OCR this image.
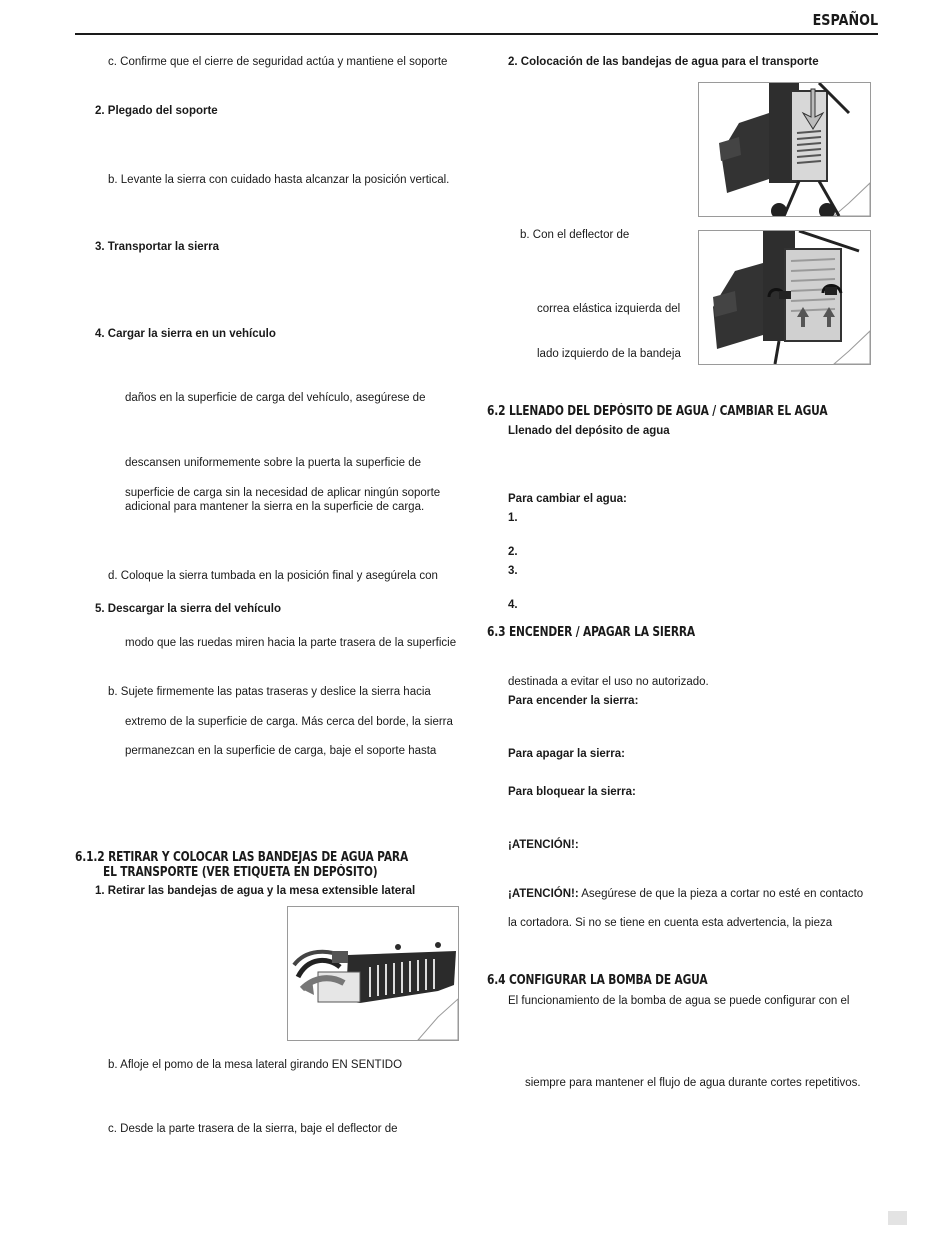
ESPAÑOL
c. Confirme que el cierre de seguridad actúa y mantiene el soporte
2. Plegado del soporte
b. Levante la sierra con cuidado hasta alcanzar la posición vertical.
3. Transportar la sierra
4. Cargar la sierra en un vehículo
daños en la superficie de carga del vehículo, asegúrese de
descansen uniformemente sobre la puerta la superficie de
superficie de carga sin la necesidad de aplicar ningún soporte
adicional para mantener la sierra en la superficie de carga.
d. Coloque la sierra tumbada en la posición final y asegúrela con
5. Descargar la sierra del vehículo
modo que las ruedas miren hacia la parte trasera de la superficie
b. Sujete firmemente las patas traseras y deslice la sierra hacia
extremo de la superficie de carga. Más cerca del borde, la sierra
permanezcan en la superficie de carga, baje el soporte hasta
6.1.2 RETIRAR Y COLOCAR LAS BANDEJAS DE AGUA PARA
EL TRANSPORTE (VER ETIQUETA EN DEPÓSITO)
1. Retirar las bandejas de agua y la mesa extensible lateral
b. Afloje el pomo de la mesa lateral girando EN SENTIDO
c. Desde la parte trasera de la sierra, baje el deflector de
2. Colocación de las bandejas de agua para el transporte
b. Con el deflector de
correa elástica izquierda del
lado izquierdo de la bandeja
6.2 LLENADO DEL DEPÓSITO DE AGUA / CAMBIAR EL AGUA
Llenado del depósito de agua
Para cambiar el agua:
1.
2.
3.
4.
6.3 ENCENDER / APAGAR LA SIERRA
destinada a evitar el uso no autorizado.
Para encender la sierra:
Para apagar la sierra:
Para bloquear la sierra:
¡ATENCIÓN!:
¡ATENCIÓN!: Asegúrese de que la pieza a cortar no esté en contacto
la cortadora. Si no se tiene en cuenta esta advertencia, la pieza
6.4 CONFIGURAR LA BOMBA DE AGUA
El funcionamiento de la bomba de agua se puede configurar con el
siempre para mantener el flujo de agua durante cortes repetitivos.
